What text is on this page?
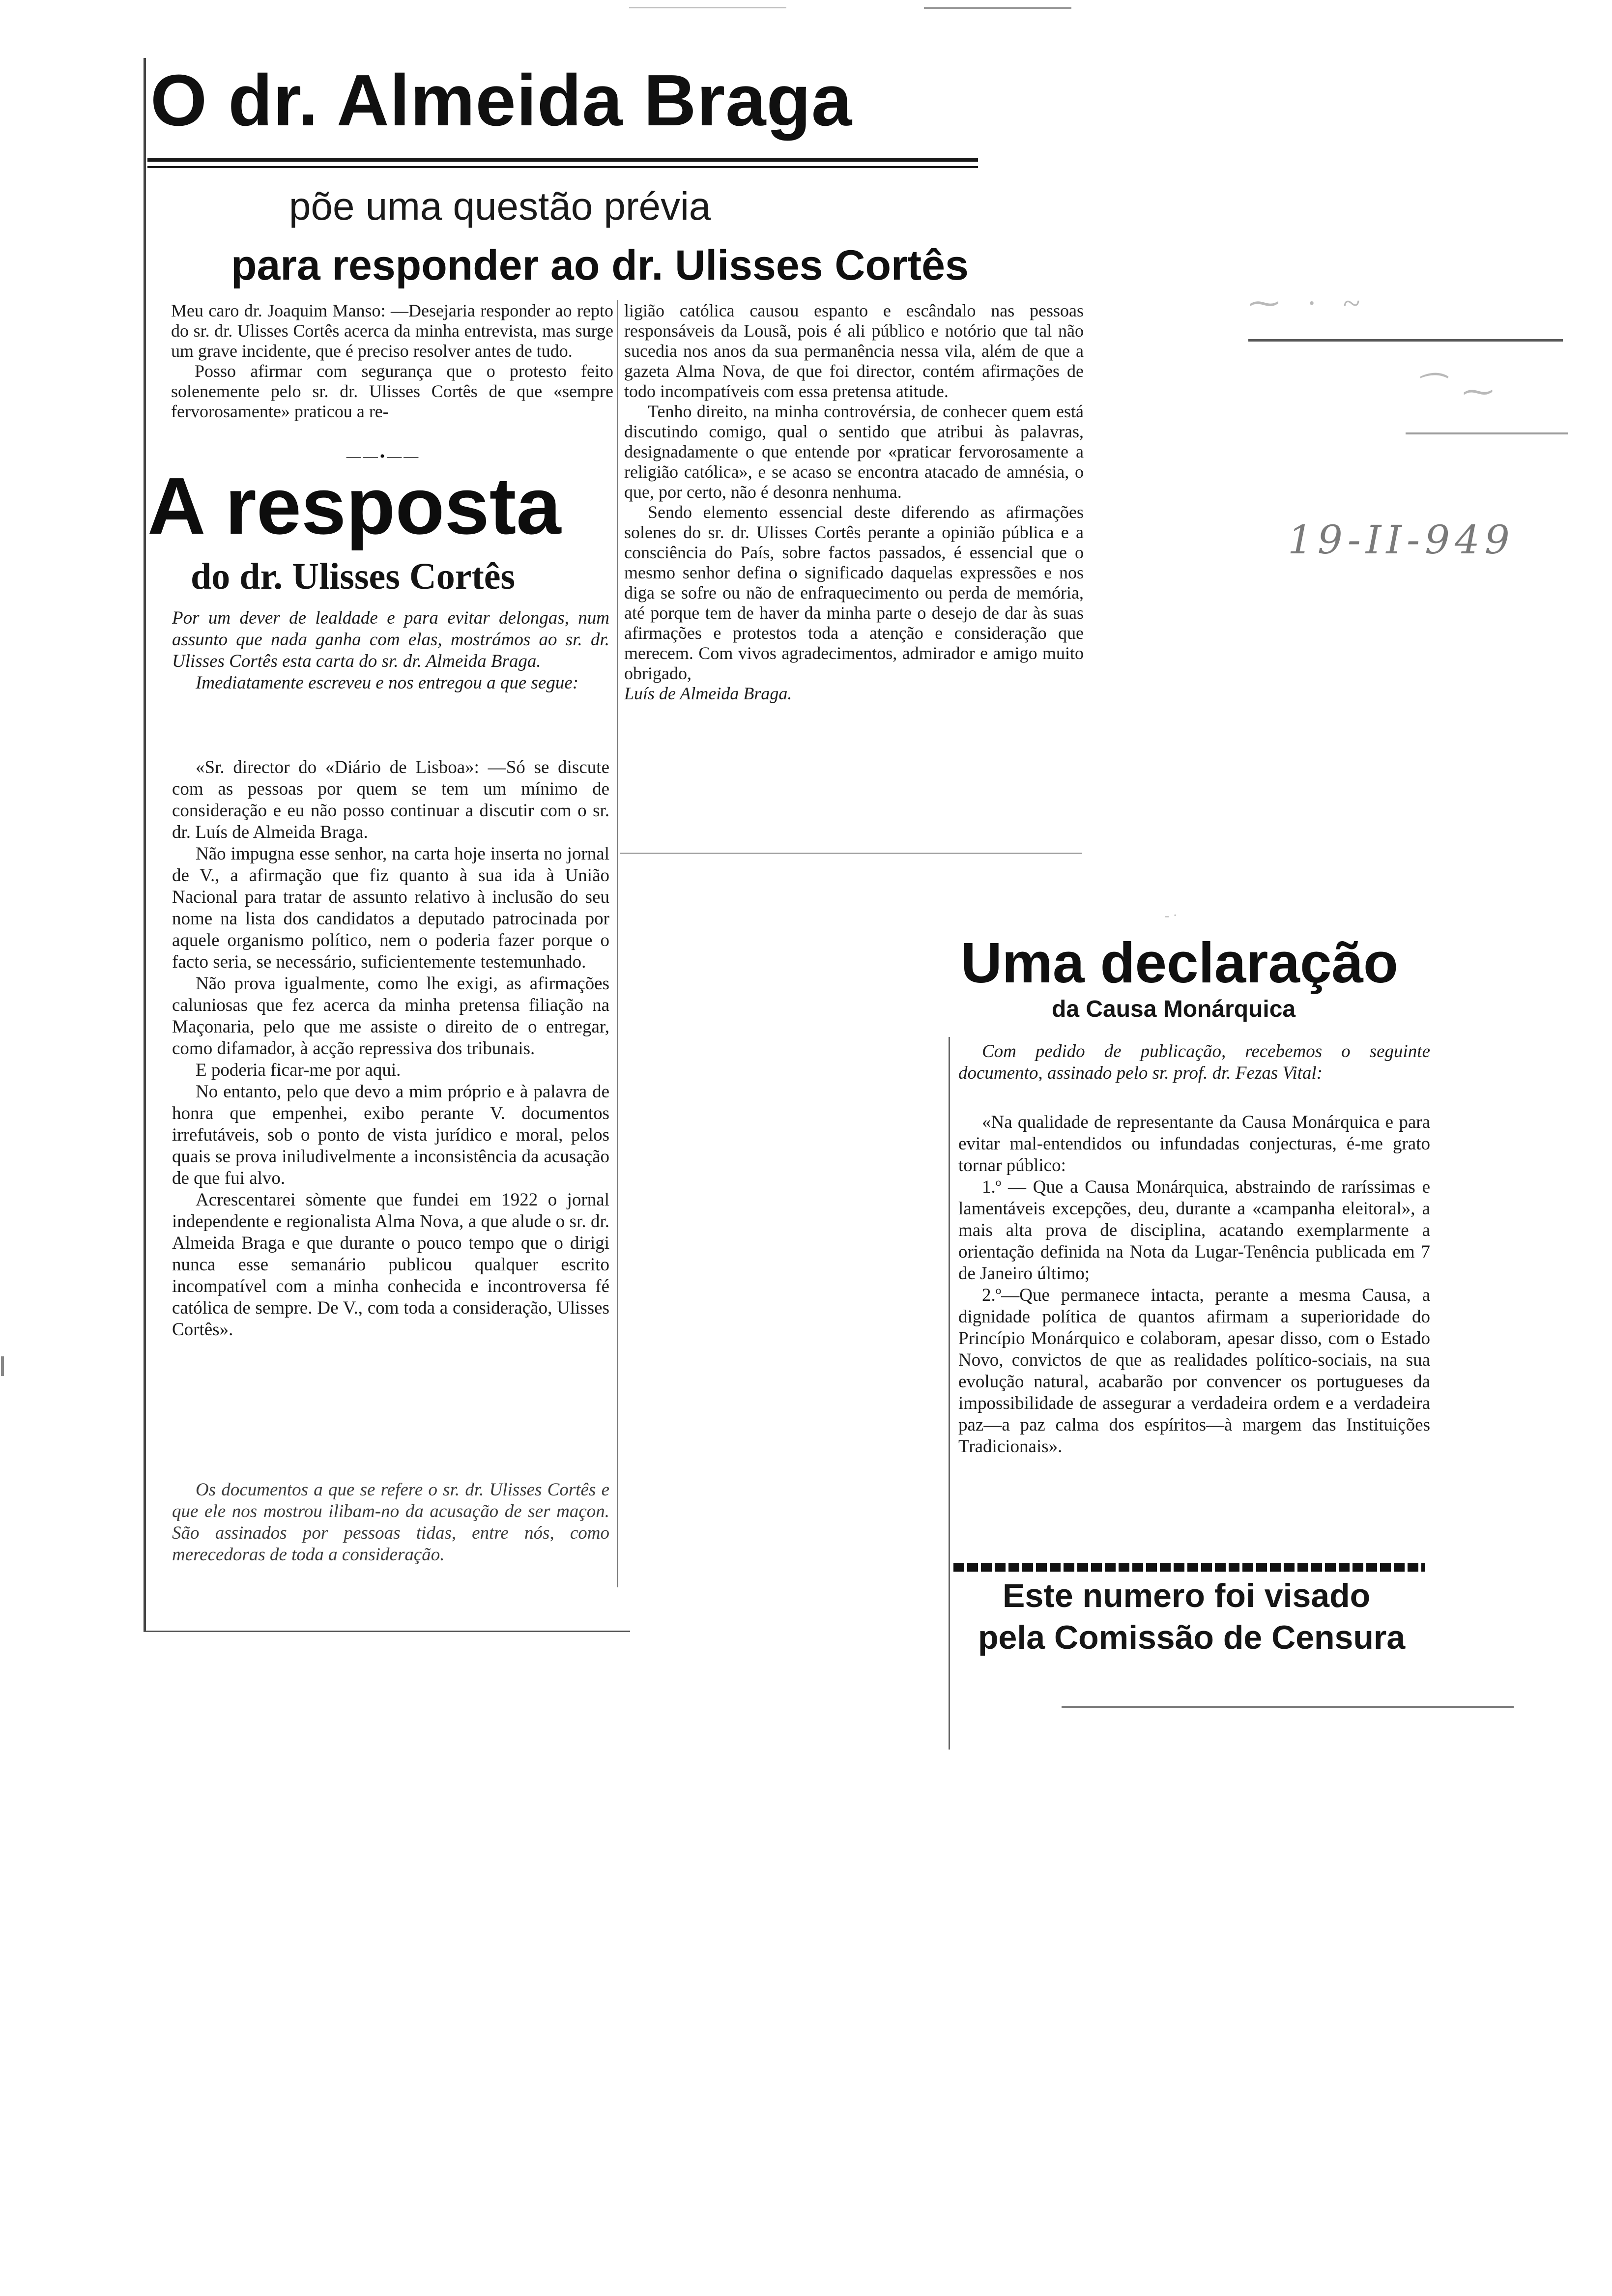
O dr. Almeida Braga
põe uma questão prévia
para responder ao dr. Ulisses Cortês

Meu caro dr. Joaquim Manso: —Desejaria responder ao repto do sr. dr. Ulisses Cortês acerca da minha entrevista, mas surge um grave incidente, que é preciso resolver antes de tudo.

Posso afirmar com segurança que o protesto feito solenemente pelo sr. dr. Ulisses Cortês de que «sempre fervorosamente» praticou a re-

——•——
A resposta
do dr. Ulisses Cortês

Por um dever de lealdade e para evitar delongas, num assunto que nada ganha com elas, mostrámos ao sr. dr. Ulisses Cortês esta carta do sr. dr. Almeida Braga.

Imediatamente escreveu e nos entregou a que segue:

«Sr. director do «Diário de Lisboa»: —Só se discute com as pessoas por quem se tem um mínimo de consideração e eu não posso continuar a discutir com o sr. dr. Luís de Almeida Braga.

Não impugna esse senhor, na carta hoje inserta no jornal de V., a afirmação que fiz quanto à sua ida à União Nacional para tratar de assunto relativo à inclusão do seu nome na lista dos candidatos a deputado patrocinada por aquele organismo político, nem o poderia fazer porque o facto seria, se necessário, suficientemente testemunhado.

Não prova igualmente, como lhe exigi, as afirmações caluniosas que fez acerca da minha pretensa filiação na Maçonaria, pelo que me assiste o direito de o entregar, como difamador, à acção repressiva dos tribunais.

E poderia ficar-me por aqui.

No entanto, pelo que devo a mim próprio e à palavra de honra que empenhei, exibo perante V. documentos irrefutáveis, sob o ponto de vista jurídico e moral, pelos quais se prova iniludivelmente a inconsistência da acusação de que fui alvo.

Acrescentarei sòmente que fundei em 1922 o jornal independente e regionalista Alma Nova, a que alude o sr. dr. Almeida Braga e que durante o pouco tempo que o dirigi nunca esse semanário publicou qualquer escrito incompatível com a minha conhecida e incontroversa fé católica de sempre. De V., com toda a consideração, Ulisses Cortês».

Os documentos a que se refere o sr. dr. Ulisses Cortês e que ele nos mostrou ilibam-no da acusação de ser maçon. São assinados por pessoas tidas, entre nós, como merecedoras de toda a consideração.

ligião católica causou espanto e escândalo nas pessoas responsáveis da Lousã, pois é ali público e notório que tal não sucedia nos anos da sua permanência nessa vila, além de que a gazeta Alma Nova, de que foi director, contém afirmações de todo incompatíveis com essa pretensa atitude.

Tenho direito, na minha controvérsia, de conhecer quem está discutindo comigo, qual o sentido que atribui às palavras, designadamente o que entende por «praticar fervorosamente a religião católica», e se acaso se encontra atacado de amnésia, o que, por certo, não é desonra nenhuma.

Sendo elemento essencial deste diferendo as afirmações solenes do sr. dr. Ulisses Cortês perante a opinião pública e a consciência do País, sobre factos passados, é essencial que o mesmo senhor defina o significado daquelas expressões e nos diga se sofre ou não de enfraquecimento ou perda de memória, até porque tem de haver da minha parte o desejo de dar às suas afirmações e protestos toda a atenção e consideração que merecem. Com vivos agradecimentos, admirador e amigo muito obrigado,

Luís de Almeida Braga.

⁓ · ~
⁀ ⁓
19-II-949
- ·
Uma declaração
da Causa Monárquica

Com pedido de publicação, recebemos o seguinte documento, assinado pelo sr. prof. dr. Fezas Vital:

«Na qualidade de representante da Causa Monárquica e para evitar mal-entendidos ou infundadas conjecturas, é-me grato tornar público:

1.º — Que a Causa Monárquica, abstraindo de raríssimas e lamentáveis excepções, deu, durante a «campanha eleitoral», a mais alta prova de disciplina, acatando exemplarmente a orientação definida na Nota da Lugar-Tenência publicada em 7 de Janeiro último;

2.º—Que permanece intacta, perante a mesma Causa, a dignidade política de quantos afirmam a superioridade do Princípio Monárquico e colaboram, apesar disso, com o Estado Novo, convictos de que as realidades político-sociais, na sua evolução natural, acabarão por convencer os portugueses da impossibilidade de assegurar a verdadeira ordem e a verdadeira paz—a paz calma dos espíritos—à margem das Instituições Tradicionais».

Este numero foi visado
pela Comissão de Censura
